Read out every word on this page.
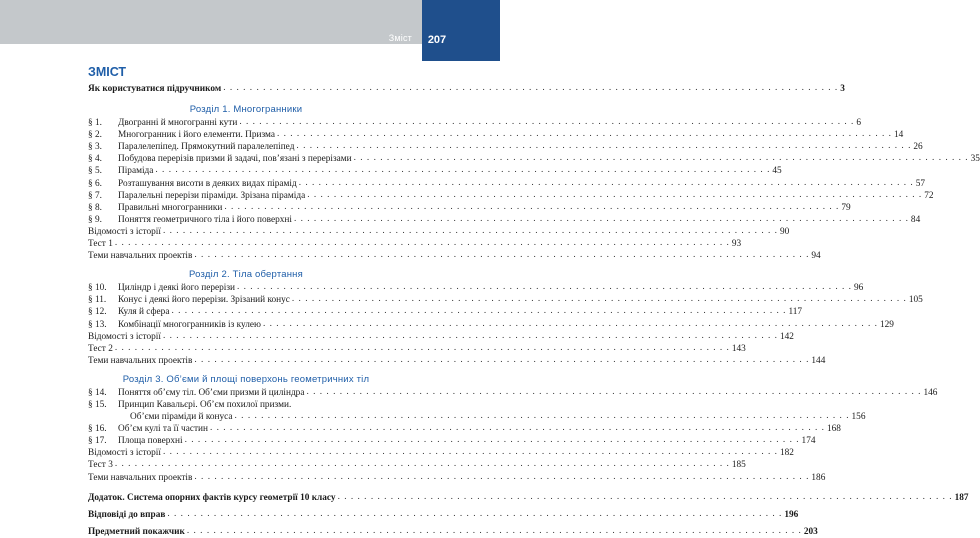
Зміст	207
ЗМІСТ
Як користуватися підручником . . .	3
Розділ 1. Многогранники
§ 1.	Двогранні й многогранні кути . . .	6
§ 2.	Многогранник і його елементи. Призма . . .	14
§ 3.	Паралелепіпед. Прямокутний паралелепіпед . . .	26
§ 4.	Побудова перерізів призми й задачі, пов’язані з перерізами . . .	35
§ 5.	Піраміда . . .	45
§ 6.	Розташування висоти в деяких видах пірамід . . .	57
§ 7.	Паралельні перерізи піраміди. Зрізана піраміда . . .	72
§ 8.	Правильні многогранники . . .	79
§ 9.	Поняття геометричного тіла і його поверхні . . .	84
Відомості з історії . . .	90
Тест 1 . . .	93
Теми навчальних проектів . . .	94
Розділ 2. Тіла обертання
§ 10.	Циліндр і деякі його перерізи . . .	96
§ 11.	Конус і деякі його перерізи. Зрізаний конус . . .	105
§ 12.	Куля й сфера . . .	117
§ 13.	Комбінації многогранників із кулею . . .	129
Відомості з історії . . .	142
Тест 2 . . .	143
Теми навчальних проектів . . .	144
Розділ 3. Об’єми й площі поверхонь геометричних тіл
§ 14.	Поняття об’єму тіл. Об’єми призми й циліндра . . .	146
§ 15.	Принцип Кавальєрі. Об’єм похилої призми.
Об’єми піраміди й конуса . . .	156
§ 16.	Об’єм кулі та її частин . . .	168
§ 17.	Площа поверхні . . .	174
Відомості з історії . . .	182
Тест 3 . . .	185
Теми навчальних проектів . . .	186
Додаток. Система опорних фактів курсу геометрії 10 класу . . .	187
Відповіді до вправ . . .	196
Предметний покажчик . . .	203
